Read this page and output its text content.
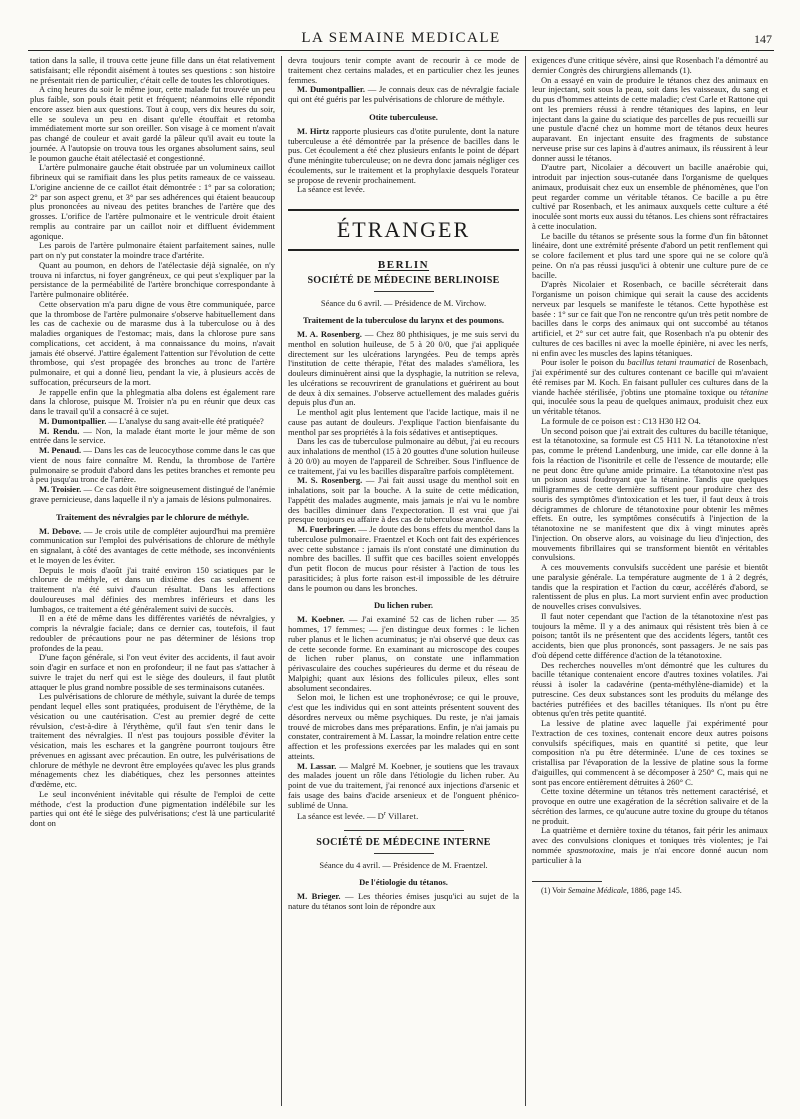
LA SEMAINE MEDICALE	147

tation dans la salle, il trouva cette jeune fille dans un état relativement satisfaisant; elle répondit aisément à toutes ses questions : son histoire ne présentait rien de particulier, c'était celle de toutes les chlorotiques.

A cinq heures du soir le même jour, cette malade fut trouvée un peu plus faible, son pouls était petit et fréquent; néanmoins elle répondit encore assez bien aux questions. Tout à coup, vers dix heures du soir, elle se souleva un peu en disant qu'elle étouffait et retomba immédiatement morte sur son oreiller. Son visage à ce moment n'avait pas changé de couleur et avait gardé la pâleur qu'il avait eu toute la journée. A l'autopsie on trouva tous les organes absolument sains, seul le poumon gauche était atélectasié et congestionné.

L'artère pulmonaire gauche était obstruée par un volumineux caillot fibrineux qui se ramifiait dans les plus petits rameaux de ce vaisseau. L'origine ancienne de ce caillot était démontrée : 1° par sa coloration; 2° par son aspect grenu, et 3° par ses adhérences qui étaient beaucoup plus prononcées au niveau des petites branches de l'artère que des grosses. L'orifice de l'artère pulmonaire et le ventricule droit étaient remplis au contraire par un caillot noir et diffluent évidemment agonique.

Les parois de l'artère pulmonaire étaient parfaitement saines, nulle part on n'y put constater la moindre trace d'artérite.

Quant au poumon, en dehors de l'atélectasie déjà signalée, on n'y trouva ni infarctus, ni foyer gangréneux, ce qui peut s'expliquer par la persistance de la perméabilité de l'artère bronchique correspondante à l'artère pulmonaire oblitérée.

Cette observation m'a paru digne de vous être communiquée, parce que la thrombose de l'artère pulmonaire s'observe habituellement dans les cas de cachexie ou de marasme dus à la tuberculose ou à des maladies organiques de l'estomac; mais, dans la chlorose pure sans complications, cet accident, à ma connaissance du moins, n'avait jamais été observé. J'attire également l'attention sur l'évolution de cette thrombose, qui s'est propagée des bronches au tronc de l'artère pulmonaire, et qui a donné lieu, pendant la vie, à plusieurs accès de suffocation, précurseurs de la mort.

Je rappelle enfin que la phlegmatia alba dolens est également rare dans la chlorose, puisque M. Troisier n'a pu en réunir que deux cas dans le travail qu'il a consacré à ce sujet.

M. Dumontpallier. — L'analyse du sang avait-elle été pratiquée?

M. Rendu. — Non, la malade étant morte le jour même de son entrée dans le service.

M. Penaud. — Dans les cas de leucocythose comme dans le cas que vient de nous faire connaître M. Rendu, la thrombose de l'artère pulmonaire se produit d'abord dans les petites branches et remonte peu à peu jusqu'au tronc de l'artère.

M. Troisier. — Ce cas doit être soigneusement distingué de l'anémie grave pernicieuse, dans laquelle il n'y a jamais de lésions pulmonaires.

Traitement des névralgies par le chlorure de méthyle.

M. Debove. — Je crois utile de compléter aujourd'hui ma première communication sur l'emploi des pulvérisations de chlorure de méthyle en signalant, à côté des avantages de cette méthode, ses inconvénients et le moyen de les éviter.

Depuis le mois d'août j'ai traité environ 150 sciatiques par le chlorure de méthyle, et dans un dixième des cas seulement ce traitement n'a été suivi d'aucun résultat. Dans les affections douloureuses mal définies des membres inférieurs et dans les lumbagos, ce traitement a été généralement suivi de succès.

Il en a été de même dans les différentes variétés de névralgies, y compris la névralgie faciale; dans ce dernier cas, toutefois, il faut redoubler de précautions pour ne pas déterminer de lésions trop profondes de la peau.

D'une façon générale, si l'on veut éviter des accidents, il faut avoir soin d'agir en surface et non en profondeur; il ne faut pas s'attacher à suivre le trajet du nerf qui est le siège des douleurs, il faut plutôt attaquer le plus grand nombre possible de ses terminaisons cutanées.

Les pulvérisations de chlorure de méthyle, suivant la durée de temps pendant lequel elles sont pratiquées, produisent de l'érythème, de la vésication ou une cautérisation. C'est au premier degré de cette révulsion, c'est-à-dire à l'érythème, qu'il faut s'en tenir dans le traitement des névralgies. Il n'est pas toujours possible d'éviter la vésication, mais les eschares et la gangrène pourront toujours être prévenues en agissant avec précaution. En outre, les pulvérisations de chlorure de méthyle ne devront être employées qu'avec les plus grands ménagements chez les diabétiques, chez les personnes atteintes d'œdème, etc.

Le seul inconvénient inévitable qui résulte de l'emploi de cette méthode, c'est la production d'une pigmentation indélébile sur les parties qui ont été le siège des pulvérisations; c'est là une particularité dont on

devra toujours tenir compte avant de recourir à ce mode de traitement chez certains malades, et en particulier chez les jeunes femmes.

M. Dumontpallier. — Je connais deux cas de névralgie faciale qui ont été guéris par les pulvérisations de chlorure de méthyle.

Otite tuberculeuse.

M. Hirtz rapporte plusieurs cas d'otite purulente, dont la nature tuberculeuse a été démontrée par la présence de bacilles dans le pus. Cet écoulement a été chez plusieurs enfants le point de départ d'une méningite tuberculeuse; on ne devra donc jamais négliger ces écoulements, sur le traitement et la prophylaxie desquels l'orateur se propose de revenir prochainement.

La séance est levée.

ÉTRANGER
BERLIN
SOCIÉTÉ DE MÉDECINE BERLINOISE
Séance du 6 avril. — Présidence de M. Virchow.
Traitement de la tuberculose du larynx et des poumons.

M. A. Rosenberg. — Chez 80 phthisiques, je me suis servi du menthol en solution huileuse, de 5 à 20 0/0, que j'ai appliquée directement sur les ulcérations laryngées. Peu de temps après l'institution de cette thérapie, l'état des malades s'améliora, les douleurs diminuèrent ainsi que la dysphagie, la nutrition se releva, les ulcérations se recouvrirent de granulations et guérirent au bout de deux à dix semaines. J'observe actuellement des malades guéris depuis plus d'un an.

Le menthol agit plus lentement que l'acide lactique, mais il ne cause pas autant de douleurs. J'explique l'action bienfaisante du menthol par ses propriétés à la fois sédatives et antiseptiques.

Dans les cas de tuberculose pulmonaire au début, j'ai eu recours aux inhalations de menthol (15 à 20 gouttes d'une solution huileuse à 20 0/0) au moyen de l'appareil de Schreiber. Sous l'influence de ce traitement, j'ai vu les bacilles disparaître parfois complètement.

M. S. Rosenberg. — J'ai fait aussi usage du menthol soit en inhalations, soit par la bouche. A la suite de cette médication, l'appétit des malades augmente, mais jamais je n'ai vu le nombre des bacilles diminuer dans l'expectoration. Il est vrai que j'ai presque toujours eu affaire à des cas de tuberculose avancée.

M. Fuerbringer. — Je doute des bons effets du menthol dans la tuberculose pulmonaire. Fraentzel et Koch ont fait des expériences avec cette substance : jamais ils n'ont constaté une diminution du nombre des bacilles. Il suffit que ces bacilles soient enveloppés d'un petit flocon de mucus pour résister à l'action de tous les parasiticides; à plus forte raison est-il impossible de les détruire dans le poumon ou dans les bronches.

Du lichen ruber.

M. Koebner. — J'ai examiné 52 cas de lichen ruber — 35 hommes, 17 femmes; — j'en distingue deux formes : le lichen ruber planus et le lichen acuminatus; je n'ai observé que deux cas de cette seconde forme. En examinant au microscope des coupes de lichen ruber planus, on constate une inflammation périvasculaire des couches supérieures du derme et du réseau de Malpighi; quant aux lésions des follicules pileux, elles sont absolument secondaires.

Selon moi, le lichen est une trophonévrose; ce qui le prouve, c'est que les individus qui en sont atteints présentent souvent des désordres nerveux ou même psychiques. Du reste, je n'ai jamais trouvé de microbes dans mes préparations. Enfin, je n'ai jamais pu constater, contrairement à M. Lassar, la moindre relation entre cette affection et les professions exercées par les malades qui en sont atteints.

M. Lassar. — Malgré M. Koebner, je soutiens que les travaux des malades jouent un rôle dans l'étiologie du lichen ruber. Au point de vue du traitement, j'ai renoncé aux injections d'arsenic et fais usage des bains d'acide arsenieux et de l'onguent phénico-sublimé de Unna.

La séance est levée. — $D^r$ Villaret.

SOCIÉTÉ DE MÉDECINE INTERNE
Séance du 4 avril. — Présidence de M. Fraentzel.
De l'étiologie du tétanos.

M. Brieger. — Les théories émises jusqu'ici au sujet de la nature du tétanos sont loin de répondre aux

exigences d'une critique sévère, ainsi que Rosenbach l'a démontré au dernier Congrès des chirurgiens allemands (1).

On a essayé en vain de produire le tétanos chez des animaux en leur injectant, soit sous la peau, soit dans les vaisseaux, du sang et du pus d'hommes atteints de cette maladie; c'est Carle et Rattone qui ont les premiers réussi à rendre tétaniques des lapins, en leur injectant dans la gaine du sciatique des parcelles de pus recueilli sur une pustule d'acné chez un homme mort de tétanos deux heures auparavant. En injectant ensuite des fragments de substance nerveuse prise sur ces lapins à d'autres animaux, ils réussirent à leur donner aussi le tétanos.

D'autre part, Nicolaier a découvert un bacille anaérobie qui, introduit par injection sous-cutanée dans l'organisme de quelques animaux, produisait chez eux un ensemble de phénomènes, que l'on peut regarder comme un véritable tétanos. Ce bacille a pu être cultivé par Rosenbach, et les animaux auxquels cette culture a été inoculée sont morts eux aussi du tétanos. Les chiens sont réfractaires à cette inoculation.

Le bacille du tétanos se présente sous la forme d'un fin bâtonnet linéaire, dont une extrémité présente d'abord un petit renflement qui se colore facilement et plus tard une spore qui ne se colore qu'à peine. On n'a pas réussi jusqu'ici à obtenir une culture pure de ce bacille.

D'après Nicolaier et Rosenbach, ce bacille sécréterait dans l'organisme un poison chimique qui serait la cause des accidents nerveux par lesquels se manifeste le tétanos. Cette hypothèse est basée : 1° sur ce fait que l'on ne rencontre qu'un très petit nombre de bacilles dans le corps des animaux qui ont succombé au tétanos artificiel, et 2° sur cet autre fait, que Rosenbach n'a pu obtenir des cultures de ces bacilles ni avec la moelle épinière, ni avec les nerfs, ni enfin avec les muscles des lapins tétaniques.

Pour isoler le poison du bacillus tetani traumatici de Rosenbach, j'ai expérimenté sur des cultures contenant ce bacille qui m'avaient été remises par M. Koch. En faisant pulluler ces cultures dans de la viande hachée stérilisée, j'obtins une ptomaïne toxique ou tétanine qui, inoculée sous la peau de quelques animaux, produisit chez eux un véritable tétanos.

La formule de ce poison est : C13 H30 H2 O4.

Un second poison que j'ai extrait des cultures du bacille tétanique, est la tétanotoxine, sa formule est C5 H11 N. La tétanotoxine n'est pas, comme le prétend Landenburg, une imide, car elle donne à la fois la réaction de l'isonitrile et celle de l'essence de moutarde; elle ne peut donc être qu'une amide primaire. La tétanotoxine n'est pas un poison aussi foudroyant que la tétanine. Tandis que quelques milligrammes de cette dernière suffisent pour produire chez des souris des symptômes d'intoxication et les tuer, il faut deux à trois décigrammes de chlorure de tétanotoxine pour obtenir les mêmes effets. En outre, les symptômes consécutifs à l'injection de la tétanotoxine ne se manifestent que dix à vingt minutes après l'injection. On observe alors, au voisinage du lieu d'injection, des mouvements fibrillaires qui se transforment bientôt en véritables convulsions.

A ces mouvements convulsifs succèdent une parésie et bientôt une paralysie générale. La température augmente de 1 à 2 degrés, tandis que la respiration et l'action du cœur, accélérés d'abord, se ralentissent de plus en plus. La mort survient enfin avec production de nouvelles crises convulsives.

Il faut noter cependant que l'action de la tétanotoxine n'est pas toujours la même. Il y a des animaux qui résistent très bien à ce poison; tantôt ils ne présentent que des accidents légers, tantôt ces accidents, bien que plus prononcés, sont passagers. Je ne sais pas d'où dépend cette différence d'action de la tétanotoxine.

Des recherches nouvelles m'ont démontré que les cultures du bacille tétanique contenaient encore d'autres toxines volatiles. J'ai réussi à isoler la cadavérine (penta-méthylène-diamide) et la putrescine. Ces deux substances sont les produits du mélange des bactéries putréfiées et des bacilles tétaniques. Ils n'ont pu être obtenus qu'en très petite quantité.

La lessive de platine avec laquelle j'ai expérimenté pour l'extraction de ces toxines, contenait encore deux autres poisons convulsifs spécifiques, mais en quantité si petite, que leur composition n'a pu être déterminée. L'une de ces toxines se cristallisa par l'évaporation de la lessive de platine sous la forme d'aiguilles, qui commencent à se décomposer à 250° C, mais qui ne sont pas encore entièrement détruites à 260° C.

Cette toxine détermine un tétanos très nettement caractérisé, et provoque en outre une exagération de la sécrétion salivaire et de la sécrétion des larmes, ce qu'aucune autre toxine du groupe du tétanos ne produit.

La quatrième et dernière toxine du tétanos, fait périr les animaux avec des convulsions cloniques et toniques très violentes; je l'ai nommée spasmotoxine, mais je n'ai encore donné aucun nom particulier à la

(1) Voir Semaine Médicale, 1886, page 145.
